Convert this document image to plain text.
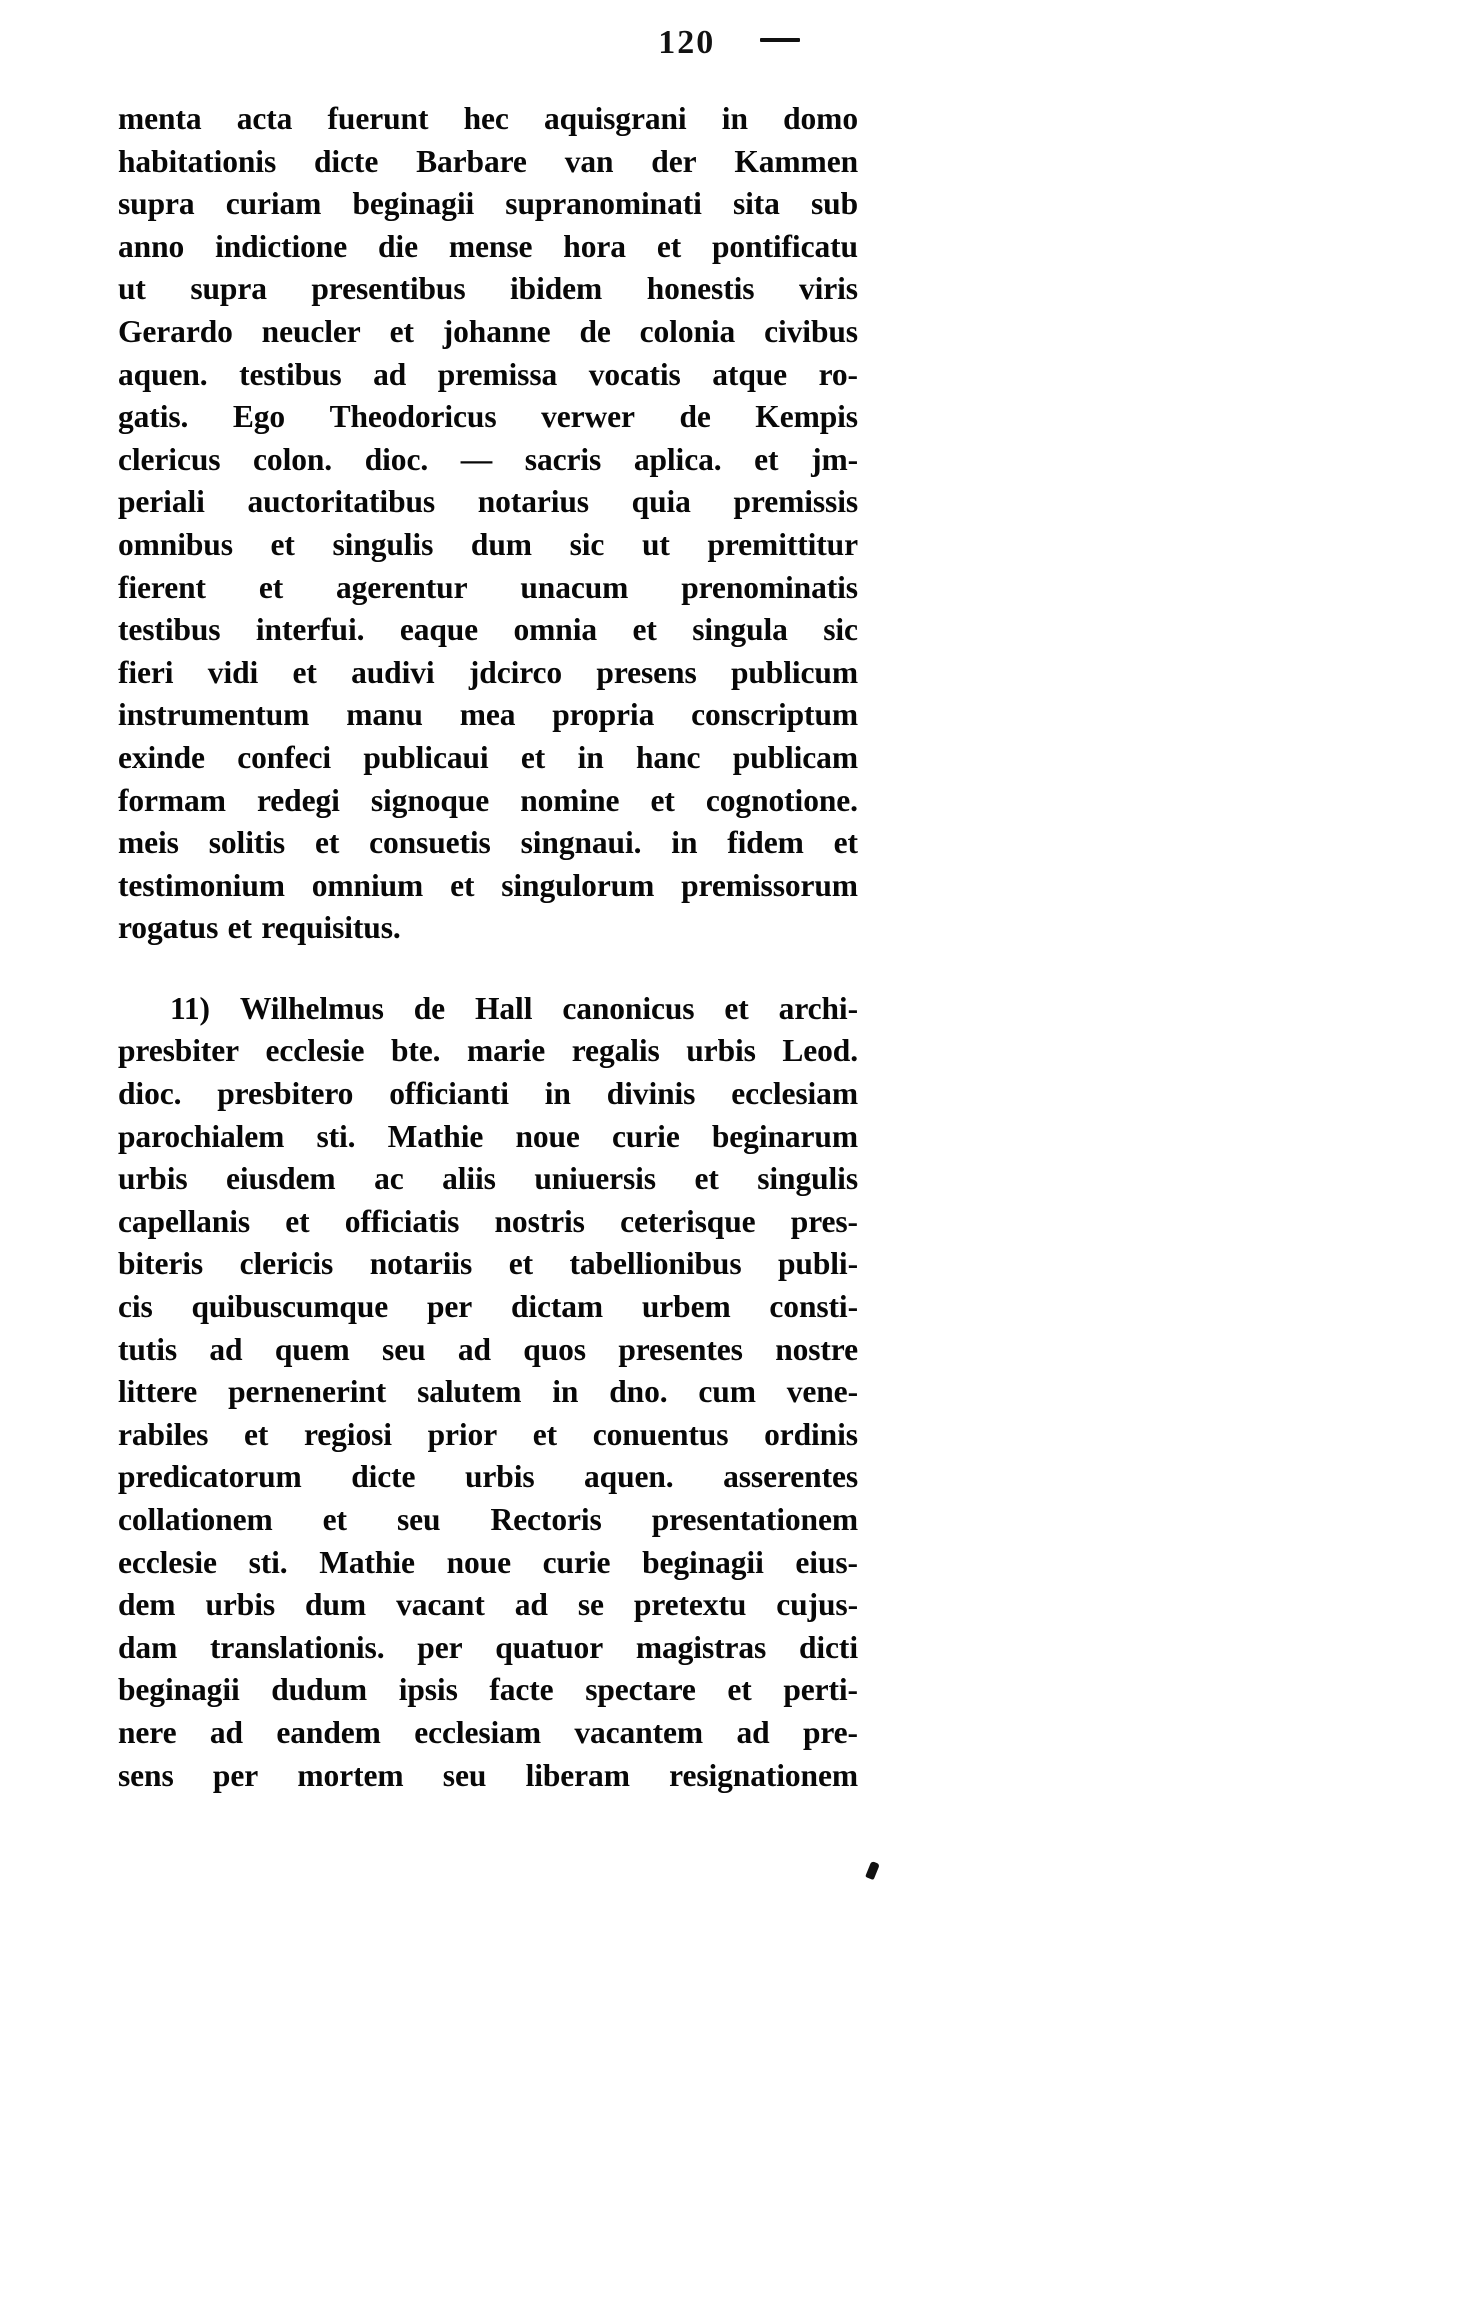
120
menta acta fuerunt hec aquisgrani in domo
habitationis dicte Barbare van der Kammen
supra curiam beginagii supranominati sita sub
anno indictione die mense hora et pontificatu
ut supra presentibus ibidem honestis viris
Gerardo neucler et johanne de colonia civibus
aquen. testibus ad premissa vocatis atque ro-
gatis. Ego Theodoricus verwer de Kempis
clericus colon. dioc. — sacris aplica. et jm-
periali auctoritatibus notarius quia premissis
omnibus et singulis dum sic ut premittitur
fierent et agerentur unacum prenominatis
testibus interfui. eaque omnia et singula sic
fieri vidi et audivi jdcirco presens publicum
instrumentum manu mea propria conscriptum
exinde confeci publicaui et in hanc publicam
formam redegi signoque nomine et cognotione.
meis solitis et consuetis singnaui. in fidem et
testimonium omnium et singulorum premissorum
rogatus et requisitus.
11) Wilhelmus de Hall canonicus et archi-
presbiter ecclesie bte. marie regalis urbis Leod.
dioc. presbitero officianti in divinis ecclesiam
parochialem sti. Mathie noue curie beginarum
urbis eiusdem ac aliis uniuersis et singulis
capellanis et officiatis nostris ceterisque pres-
biteris clericis notariis et tabellionibus publi-
cis quibuscumque per dictam urbem consti-
tutis ad quem seu ad quos presentes nostre
littere pernenerint salutem in dno. cum vene-
rabiles et regiosi prior et conuentus ordinis
predicatorum dicte urbis aquen. asserentes
collationem et seu Rectoris presentationem
ecclesie sti. Mathie noue curie beginagii eius-
dem urbis dum vacant ad se pretextu cujus-
dam translationis. per quatuor magistras dicti
beginagii dudum ipsis facte spectare et perti-
nere ad eandem ecclesiam vacantem ad pre-
sens per mortem seu liberam resignationem
